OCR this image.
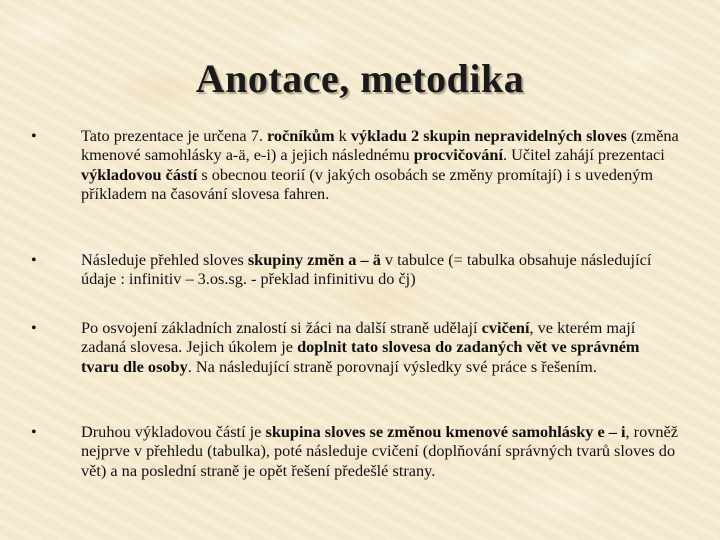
Anotace, metodika
•	Tato prezentace je určena 7. ročníkům k výkladu 2 skupin nepravidelných sloves (změna kmenové samohlásky a-ä, e-i) a jejich následnému procvičování. Učitel zahájí prezentaci výkladovou částí s obecnou teorií (v jakých osobách se změny promítají) i s uvedeným příkladem na časování slovesa fahren.
•	Následuje přehled sloves skupiny změn a – ä v tabulce (= tabulka obsahuje následující údaje : infinitiv – 3.os.sg. - překlad infinitivu do čj)
•	Po osvojení základních znalostí si žáci na další straně udělají cvičení, ve kterém mají zadaná slovesa. Jejich úkolem je doplnit tato slovesa do zadaných vět ve správném tvaru dle osoby. Na následující straně porovnají výsledky své práce s řešením.
•	Druhou výkladovou částí je skupina sloves se změnou kmenové samohlásky e – i, rovněž nejprve v přehledu (tabulka), poté následuje cvičení (doplňování správných tvarů sloves do vět) a na poslední straně je opět řešení předešlé strany.
